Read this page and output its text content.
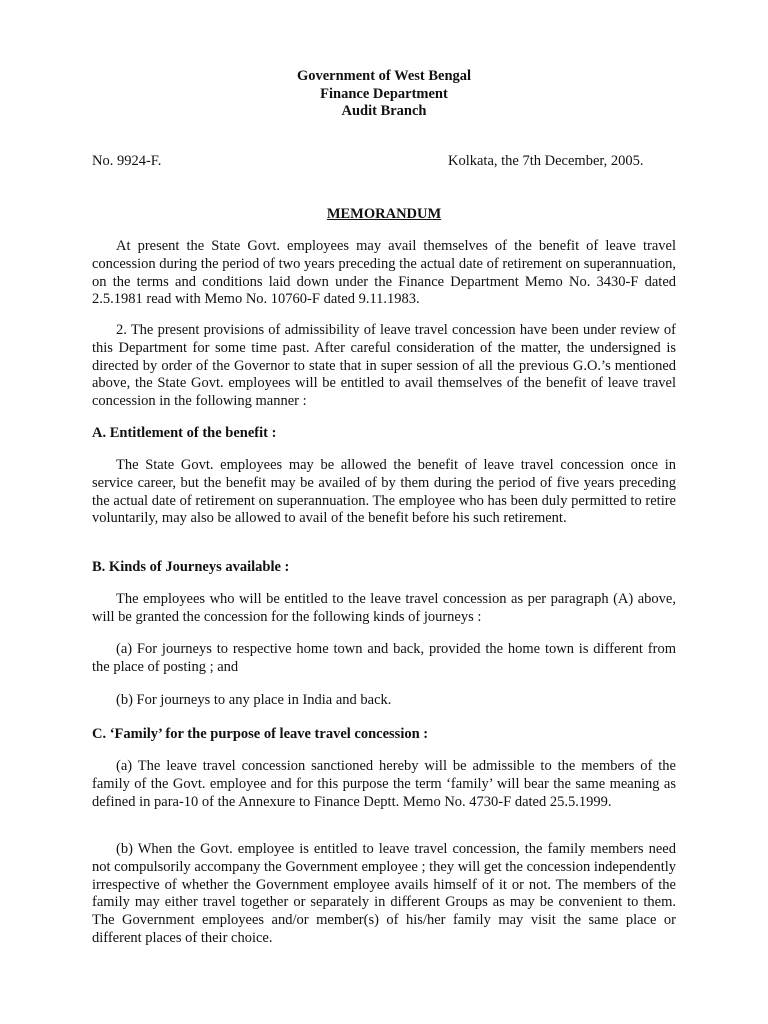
Government of West Bengal
Finance Department
Audit Branch
No. 9924-F.	Kolkata, the 7th December, 2005.
MEMORANDUM

At present the State Govt. employees may avail themselves of the benefit of leave travel concession during the period of two years preceding the actual date of retirement on superannuation, on the terms and conditions laid down under the Finance Department Memo No. 3430-F dated 2.5.1981 read with Memo No. 10760-F dated 9.11.1983.

2. The present provisions of admissibility of leave travel concession have been under review of this Department for some time past. After careful consideration of the matter, the undersigned is directed by order of the Governor to state that in super session of all the previous G.O.’s mentioned above, the State Govt. employees will be entitled to avail themselves of the benefit of leave travel concession in the following manner :

A. Entitlement of the benefit :

The State Govt. employees may be allowed the benefit of leave travel concession once in service career, but the benefit may be availed of by them during the period of five years preceding the actual date of retirement on superannuation. The employee who has been duly permitted to retire voluntarily, may also be allowed to avail of the benefit before his such retirement.

B. Kinds of Journeys available :

The employees who will be entitled to the leave travel concession as per paragraph (A) above, will be granted the concession for the following kinds of journeys :

(a) For journeys to respective home town and back, provided the home town is different from the place of posting ; and

(b) For journeys to any place in India and back.

C. ‘Family’ for the purpose of leave travel concession :

(a) The leave travel concession sanctioned hereby will be admissible to the members of the family of the Govt. employee and for this purpose the term ‘family’ will bear the same meaning as defined in para-10 of the Annexure to Finance Deptt. Memo No. 4730-F dated 25.5.1999.

(b) When the Govt. employee is entitled to leave travel concession, the family members need not compulsorily accompany the Government employee ; they will get the concession independently irrespective of whether the Government employee avails himself of it or not. The members of the family may either travel together or separately in different Groups as may be convenient to them. The Government employees and/or member(s) of his/her family may visit the same place or different places of their choice.
